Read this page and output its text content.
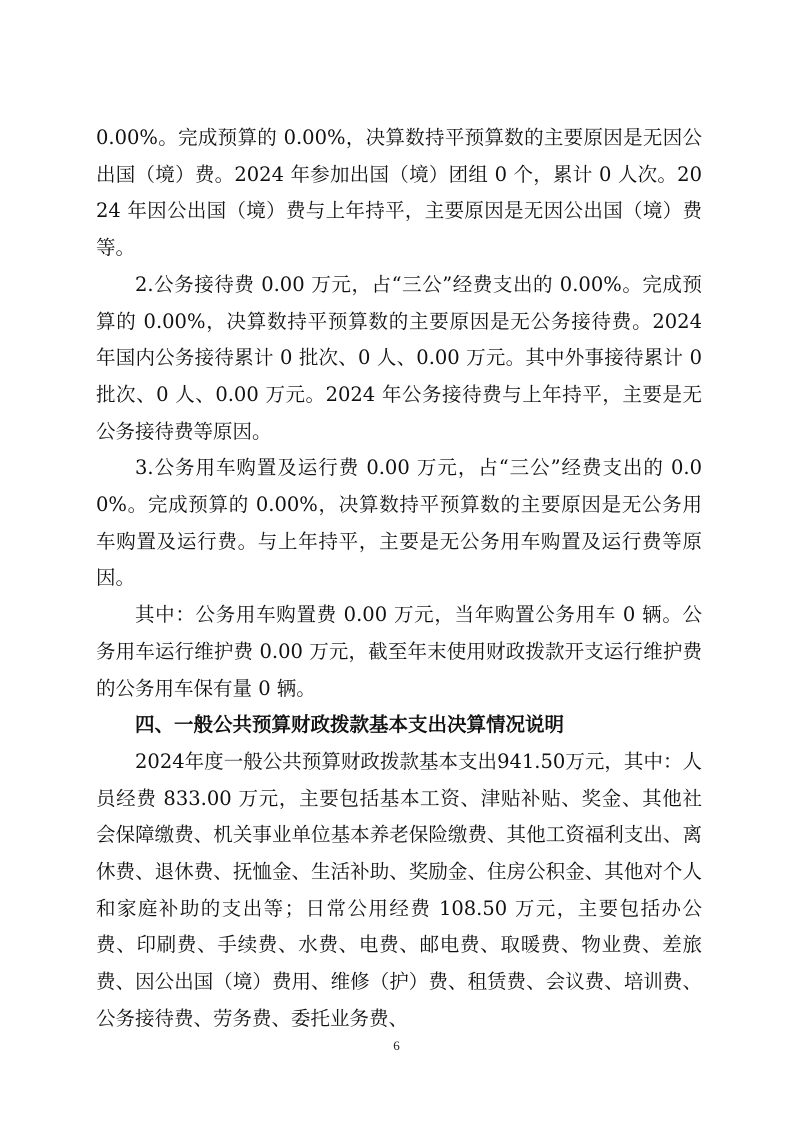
0.00%。完成预算的 0.00%，决算数持平预算数的主要原因是无因公出国（境）费。2024 年参加出国（境）团组 0 个，累计 0 人次。2024 年因公出国（境）费与上年持平，主要原因是无因公出国（境）费等。

2.公务接待费 0.00 万元，占“三公”经费支出的 0.00%。完成预算的 0.00%，决算数持平预算数的主要原因是无公务接待费。2024 年国内公务接待累计 0 批次、0 人、0.00 万元。其中外事接待累计 0 批次、0 人、0.00 万元。2024 年公务接待费与上年持平，主要是无公务接待费等原因。

3.公务用车购置及运行费 0.00 万元，占“三公”经费支出的 0.00%。完成预算的 0.00%，决算数持平预算数的主要原因是无公务用车购置及运行费。与上年持平，主要是无公务用车购置及运行费等原因。

其中：公务用车购置费 0.00 万元，当年购置公务用车 0 辆。公务用车运行维护费 0.00 万元，截至年末使用财政拨款开支运行维护费的公务用车保有量 0 辆。

四、一般公共预算财政拨款基本支出决算情况说明

2024年度一般公共预算财政拨款基本支出941.50万元，其中：人员经费 833.00 万元，主要包括基本工资、津贴补贴、奖金、其他社会保障缴费、机关事业单位基本养老保险缴费、其他工资福利支出、离休费、退休费、抚恤金、生活补助、奖励金、住房公积金、其他对个人和家庭补助的支出等；日常公用经费 108.50 万元，主要包括办公费、印刷费、手续费、水费、电费、邮电费、取暖费、物业费、差旅费、因公出国（境）费用、维修（护）费、租赁费、会议费、培训费、公务接待费、劳务费、委托业务费、

6
